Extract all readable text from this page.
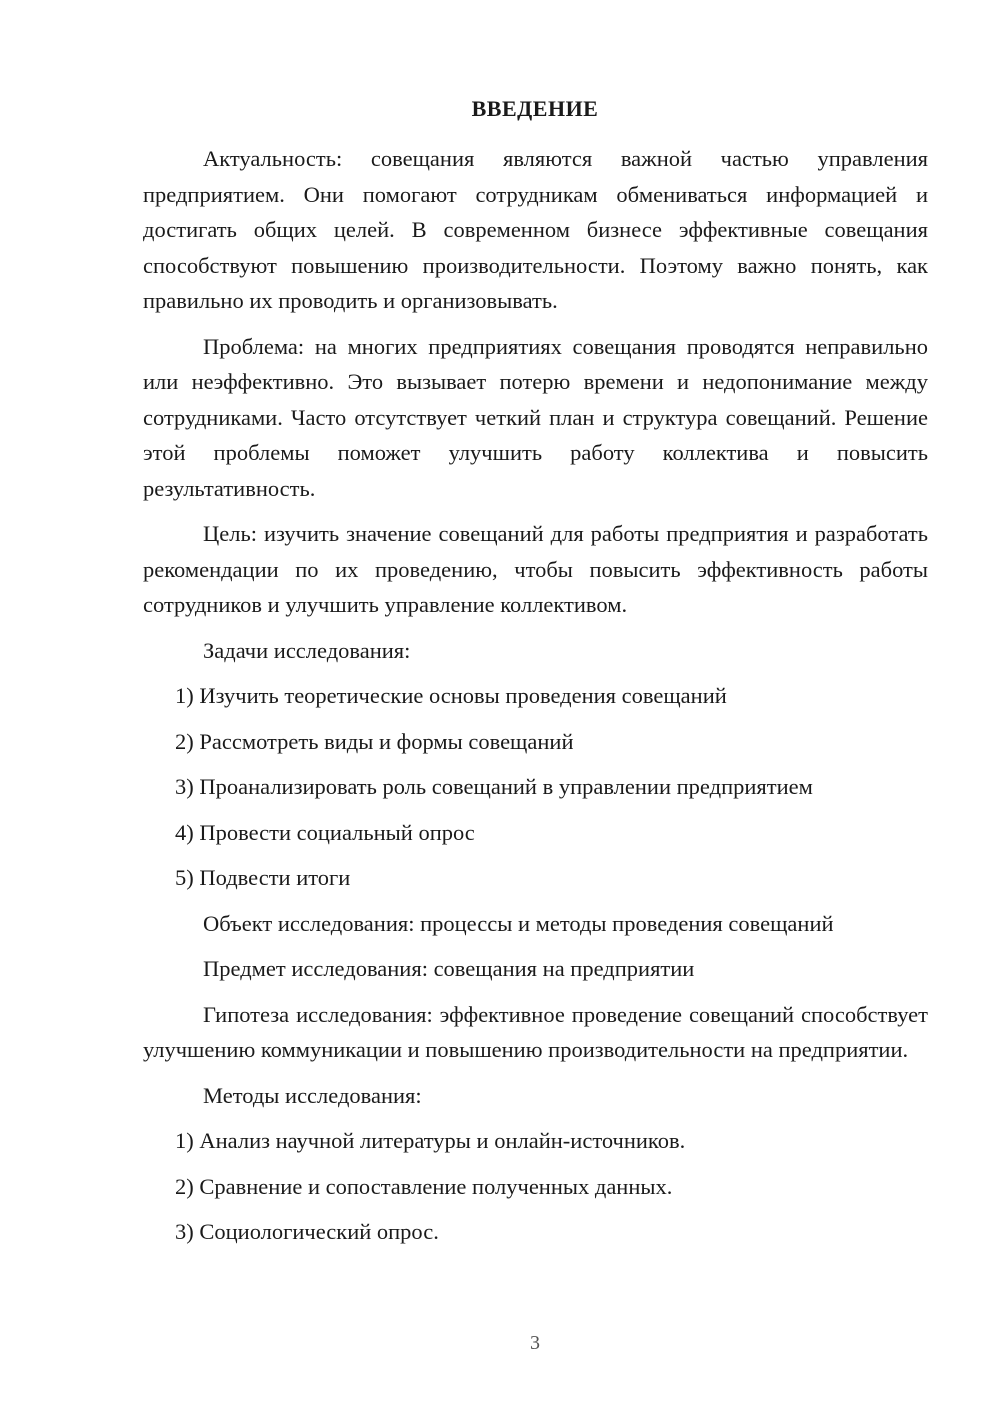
ВВЕДЕНИЕ

Актуальность: совещания являются важной частью управления предприятием. Они помогают сотрудникам обмениваться информацией и достигать общих целей. В современном бизнесе эффективные совещания способствуют повышению производительности. Поэтому важно понять, как правильно их проводить и организовывать.

Проблема: на многих предприятиях совещания проводятся неправильно или неэффективно. Это вызывает потерю времени и недопонимание между сотрудниками. Часто отсутствует четкий план и структура совещаний. Решение этой проблемы поможет улучшить работу коллектива и повысить результативность.

Цель: изучить значение совещаний для работы предприятия и разработать рекомендации по их проведению, чтобы повысить эффективность работы сотрудников и улучшить управление коллективом.

Задачи исследования:

1) Изучить теоретические основы проведения совещаний

2) Рассмотреть виды и формы совещаний

3) Проанализировать роль совещаний в управлении предприятием

4) Провести социальный опрос

5) Подвести итоги

Объект исследования: процессы и методы проведения совещаний

Предмет исследования: совещания на предприятии

Гипотеза исследования: эффективное проведение совещаний способствует улучшению коммуникации и повышению производительности на предприятии.

Методы исследования:

1) Анализ научной литературы и онлайн-источников.

2) Сравнение и сопоставление полученных данных.

3) Социологический опрос.

3
